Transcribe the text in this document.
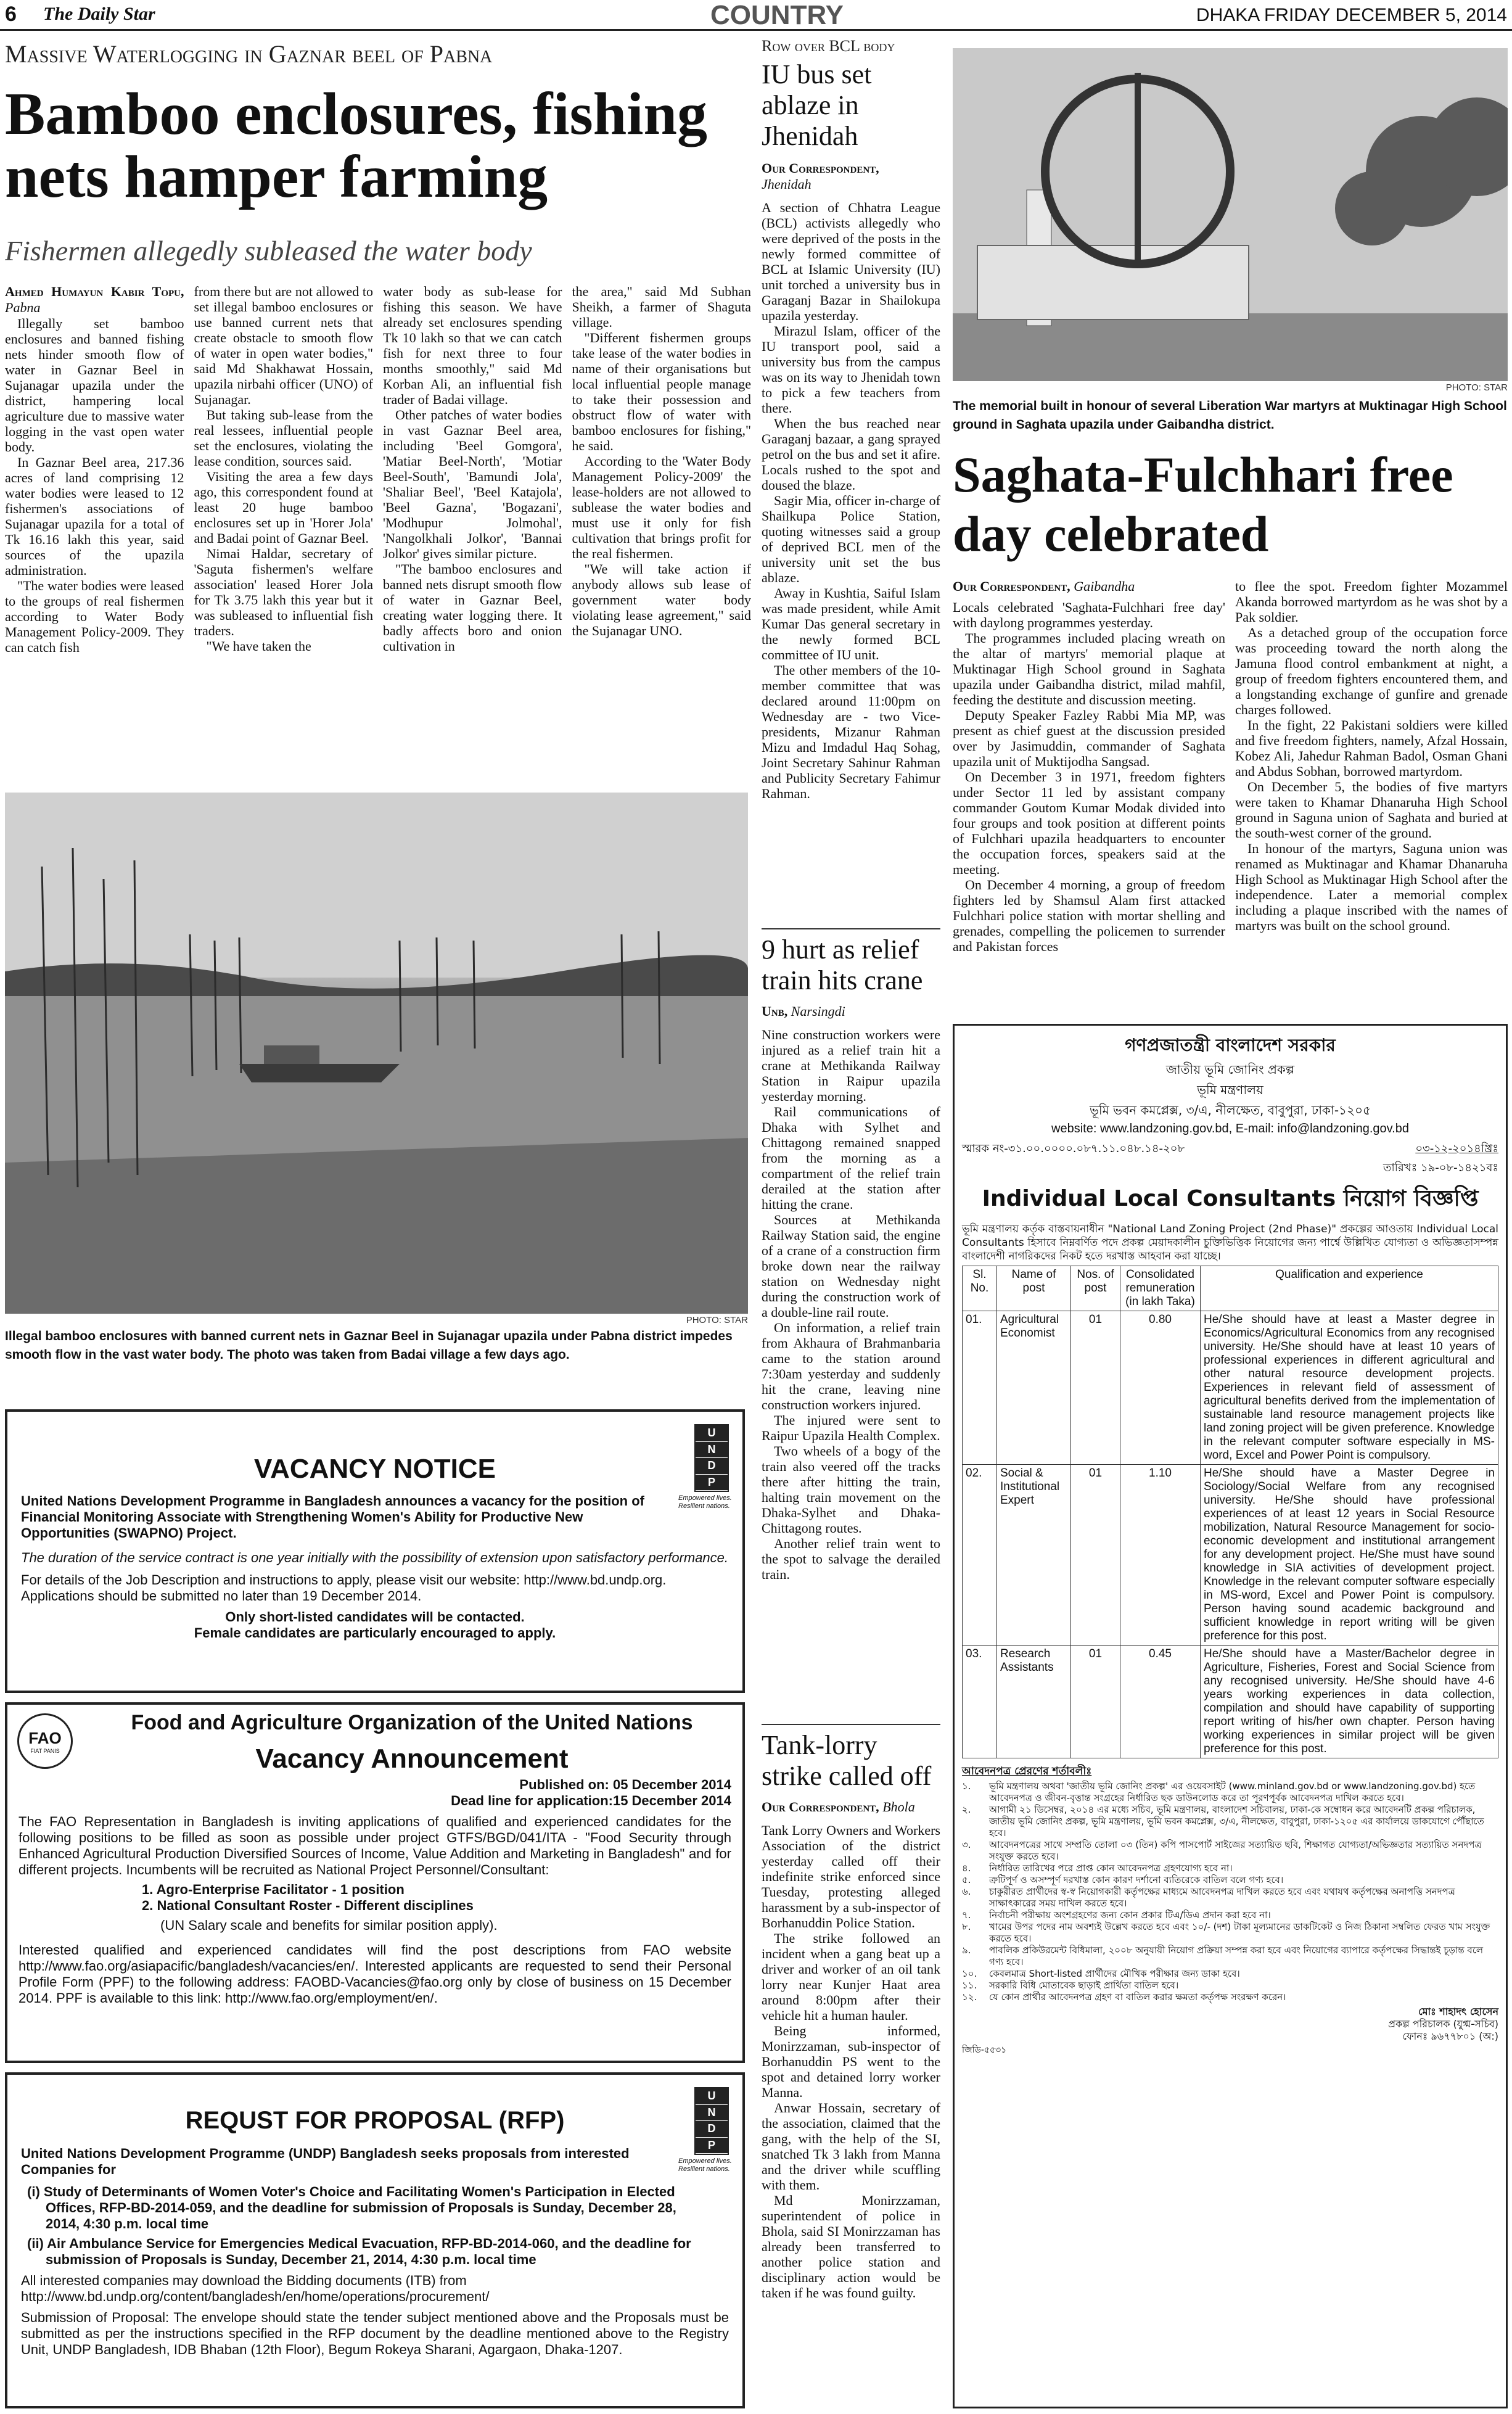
6 The Daily Star	COUNTRY	DHAKA FRIDAY DECEMBER 5, 2014
Massive Waterlogging in Gaznar beel of Pabna
Bamboo enclosures, fishing nets hamper farming
Fishermen allegedly subleased the water body
Ahmed Humayun Kabir Topu, Pabna

Illegally set bamboo enclosures and banned fishing nets hinder smooth flow of water in Gaznar Beel in Sujanagar upazila under the district, hampering local agriculture due to massive water logging in the vast open water body.

In Gaznar Beel area, 217.36 acres of land comprising 12 water bodies were leased to 12 fishermen's associations of Sujanagar upazila for a total of Tk 16.16 lakh this year, said sources of the upazila administration.

"The water bodies were leased to the groups of real fishermen according to Water Body Management Policy-2009. They can catch fish

from there but are not allowed to set illegal bamboo enclosures or use banned current nets that create obstacle to smooth flow of water in open water bodies," said Md Shakhawat Hossain, upazila nirbahi officer (UNO) of Sujanagar.

But taking sub-lease from the real lessees, influential people set the enclosures, violating the lease condition, sources said.

Visiting the area a few days ago, this correspondent found at least 20 huge bamboo enclosures set up in 'Horer Jola' and Badai point of Gaznar Beel.

Nimai Haldar, secretary of 'Saguta fishermen's welfare association' leased Horer Jola for Tk 3.75 lakh this year but it was subleased to influential fish traders.

"We have taken the

water body as sub-lease for fishing this season. We have already set enclosures spending Tk 10 lakh so that we can catch fish for next three to four months smoothly," said Md Korban Ali, an influential fish trader of Badai village.

Other patches of water bodies in vast Gaznar Beel area, including 'Beel Gomgora', 'Matiar Beel-North', 'Motiar Beel-South', 'Bamundi Jola', 'Shaliar Beel', 'Beel Katajola', 'Beel Gazna', 'Bogazani', 'Modhupur Jolmohal', 'Nangolkhali Jolkor', 'Bannai Jolkor' gives similar picture.

"The bamboo enclosures and banned nets disrupt smooth flow of water in Gaznar Beel, creating water logging there. It badly affects boro and onion cultivation in

the area," said Md Subhan Sheikh, a farmer of Shaguta village.

"Different fishermen groups take lease of the water bodies in name of their organisations but local influential people manage to take their possession and obstruct flow of water with bamboo enclosures for fishing," he said.

According to the 'Water Body Management Policy-2009' the lease-holders are not allowed to sublease the water bodies and must use it only for fish cultivation that brings profit for the real fishermen.

"We will take action if anybody allows sub lease of government water body violating lease agreement," said the Sujanagar UNO.

PHOTO: STAR
Illegal bamboo enclosures with banned current nets in Gaznar Beel in Sujanagar upazila under Pabna district impedes smooth flow in the vast water body. The photo was taken from Badai village a few days ago.
Row over BCL body
IU bus set ablaze in Jhenidah
Our Correspondent,
Jhenidah

A section of Chhatra League (BCL) activists allegedly who were deprived of the posts in the newly formed committee of BCL at Islamic University (IU) unit torched a university bus in Garaganj Bazar in Shailokupa upazila yesterday.

Mirazul Islam, officer of the IU transport pool, said a university bus from the campus was on its way to Jhenidah town to pick a few teachers from there.

When the bus reached near Garaganj bazaar, a gang sprayed petrol on the bus and set it afire. Locals rushed to the spot and doused the blaze.

Sagir Mia, officer in-charge of Shailkupa Police Station, quoting witnesses said a group of deprived BCL men of the university unit set the bus ablaze.

Away in Kushtia, Saiful Islam was made president, while Amit Kumar Das general secretary in the newly formed BCL committee of IU unit.

The other members of the 10-member committee that was declared around 11:00pm on Wednesday are - two Vice-presidents, Mizanur Rahman Mizu and Imdadul Haq Sohag, Joint Secretary Sahinur Rahman and Publicity Secretary Fahimur Rahman.

9 hurt as relief train hits crane
Unb, Narsingdi

Nine construction workers were injured as a relief train hit a crane at Methikanda Railway Station in Raipur upazila yesterday morning.

Rail communications of Dhaka with Sylhet and Chittagong remained snapped from the morning as a compartment of the relief train derailed at the station after hitting the crane.

Sources at Methikanda Railway Station said, the engine of a crane of a construction firm broke down near the railway station on Wednesday night during the construction work of a double-line rail route.

On information, a relief train from Akhaura of Brahmanbaria came to the station around 7:30am yesterday and suddenly hit the crane, leaving nine construction workers injured.

The injured were sent to Raipur Upazila Health Complex.

Two wheels of a bogy of the train also veered off the tracks there after hitting the train, halting train movement on the Dhaka-Sylhet and Dhaka-Chittagong routes.

Another relief train went to the spot to salvage the derailed train.

Tank-lorry strike called off
Our Correspondent, Bhola

Tank Lorry Owners and Workers Association of the district yesterday called off their indefinite strike enforced since Tuesday, protesting alleged harassment by a sub-inspector of Borhanuddin Police Station.

The strike followed an incident when a gang beat up a driver and worker of an oil tank lorry near Kunjer Haat area around 8:00pm after their vehicle hit a human hauler.

Being informed, Monirzzaman, sub-inspector of Borhanuddin PS went to the spot and detained lorry worker Manna.

Anwar Hossain, secretary of the association, claimed that the gang, with the help of the SI, snatched Tk 3 lakh from Manna and the driver while scuffling with them.

Md Monirzzaman, superintendent of police in Bhola, said SI Monirzzaman has already been transferred to another police station and disciplinary action would be taken if he was found guilty.

PHOTO: STAR
The memorial built in honour of several Liberation War martyrs at Muktinagar High School ground in Saghata upazila under Gaibandha district.
Saghata-Fulchhari free day celebrated
Our Correspondent, Gaibandha

Locals celebrated 'Saghata-Fulchhari free day' with daylong programmes yesterday.

The programmes included placing wreath on the altar of martyrs' memorial plaque at Muktinagar High School ground in Saghata upazila under Gaibandha district, milad mahfil, feeding the destitute and discussion meeting.

Deputy Speaker Fazley Rabbi Mia MP, was present as chief guest at the discussion presided over by Jasimuddin, commander of Saghata upazila unit of Muktijodha Sangsad.

On December 3 in 1971, freedom fighters under Sector 11 led by assistant company commander Goutom Kumar Modak divided into four groups and took position at different points of Fulchhari upazila headquarters to encounter the occupation forces, speakers said at the meeting.

On December 4 morning, a group of freedom fighters led by Shamsul Alam first attacked Fulchhari police station with mortar shelling and grenades, compelling the policemen to surrender and Pakistan forces

to flee the spot. Freedom fighter Mozammel Akanda borrowed martyrdom as he was shot by a Pak soldier.

As a detached group of the occupation force was proceeding toward the north along the Jamuna flood control embankment at night, a group of freedom fighters encountered them, and a longstanding exchange of gunfire and grenade charges followed.

In the fight, 22 Pakistani soldiers were killed and five freedom fighters, namely, Afzal Hossain, Kobez Ali, Jahedur Rahman Badol, Osman Ghani and Abdus Sobhan, borrowed martyrdom.

On December 5, the bodies of five martyrs were taken to Khamar Dhanaruha High School ground in Saguna union of Saghata and buried at the south-west corner of the ground.

In honour of the martyrs, Saguna union was renamed as Muktinagar and Khamar Dhanaruha High School as Muktinagar High School after the independence. Later a memorial complex including a plaque inscribed with the names of martyrs was built on the school ground.

U
N
D
P
Empowered lives. Resilient nations.
VACANCY NOTICE

United Nations Development Programme in Bangladesh announces a vacancy for the position of Financial Monitoring Associate with Strengthening Women's Ability for Productive New Opportunities (SWAPNO) Project.

The duration of the service contract is one year initially with the possibility of extension upon satisfactory performance.

For details of the Job Description and instructions to apply, please visit our website: http://www.bd.undp.org. Applications should be submitted no later than 19 December 2014.

Only short-listed candidates will be contacted.

Female candidates are particularly encouraged to apply.

FAO
FIAT PANIS
Food and Agriculture Organization of the United Nations
Vacancy Announcement

Published on: 05 December 2014

Dead line for application:15 December 2014

The FAO Representation in Bangladesh is inviting applications of qualified and experienced candidates for the following positions to be filled as soon as possible under project GTFS/BGD/041/ITA - "Food Security through Enhanced Agricultural Production Diversified Sources of Income, Value Addition and Marketing in Bangladesh" and for different projects. Incumbents will be recruited as National Project Personnel/Consultant:

1. Agro-Enterprise Facilitator - 1 position

2. National Consultant Roster - Different disciplines

(UN Salary scale and benefits for similar position apply).

Interested qualified and experienced candidates will find the post descriptions from FAO website http://www.fao.org/asiapacific/bangladesh/vacancies/en/. Interested applicants are requested to send their Personal Profile Form (PPF) to the following address: FAOBD-Vacancies@fao.org only by close of business on 15 December 2014. PPF is available to this link: http://www.fao.org/employment/en/.

U
N
D
P
Empowered lives. Resilient nations.
REQUST FOR PROPOSAL (RFP)

United Nations Development Programme (UNDP) Bangladesh seeks proposals from interested Companies for

(i) Study of Determinants of Women Voter's Choice and Facilitating Women's Participation in Elected Offices, RFP-BD-2014-059, and the deadline for submission of Proposals is Sunday, December 28, 2014, 4:30 p.m. local time

(ii) Air Ambulance Service for Emergencies Medical Evacuation, RFP-BD-2014-060, and the deadline for submission of Proposals is Sunday, December 21, 2014, 4:30 p.m. local time

All interested companies may download the Bidding documents (ITB) from http://www.bd.undp.org/content/bangladesh/en/home/operations/procurement/

Submission of Proposal: The envelope should state the tender subject mentioned above and the Proposals must be submitted as per the instructions specified in the RFP document by the deadline mentioned above to the Registry Unit, UNDP Bangladesh, IDB Bhaban (12th Floor), Begum Rokeya Sharani, Agargaon, Dhaka-1207.

গণপ্রজাতন্ত্রী বাংলাদেশ সরকার
জাতীয় ভূমি জোনিং প্রকল্প
ভূমি মন্ত্রণালয়
ভূমি ভবন কমপ্লেক্স, ৩/এ, নীলক্ষেত, বাবুপুরা, ঢাকা-১২০৫
website: www.landzoning.gov.bd, E-mail: info@landzoning.gov.bd
স্মারক নং-৩১.০০.০০০০.০৮৭.১১.০৪৮.১৪-২০৮	০৩-১২-২০১৪খ্রিঃ
তারিখঃ ১৯-০৮-১৪২১বঃ
Individual Local Consultants নিয়োগ বিজ্ঞপ্তি

ভূমি মন্ত্রণালয় কর্তৃক বাস্তবায়নাধীন "National Land Zoning Project (2nd Phase)" প্রকল্পের আওতায় Individual Local Consultants হিসাবে নিম্নবর্ণিত পদে প্রকল্প মেয়াদকালীন চুক্তিভিত্তিক নিয়োগের জন্য পার্শ্বে উল্লিখিত যোগ্যতা ও অভিজ্ঞতাসম্পন্ন বাংলাদেশী নাগরিকদের নিকট হতে দরখাস্ত আহবান করা যাচ্ছে।

Sl. No.	Name of post	Nos. of post	Consolidated remuneration (in lakh Taka)	Qualification and experience
01.	Agricultural Economist	01	0.80	He/She should have at least a Master degree in Economics/Agricultural Economics from any recognised university. He/She should have at least 10 years of professional experiences in different agricultural and other natural resource development projects. Experiences in relevant field of assessment of agricultural benefits derived from the implementation of sustainable land resource management projects like land zoning project will be given preference. Knowledge in the relevant computer software especially in MS-word, Excel and Power Point is compulsory.
02.	Social & Institutional Expert	01	1.10	He/She should have a Master Degree in Sociology/Social Welfare from any recognised university. He/She should have professional experiences of at least 12 years in Social Resource mobilization, Natural Resource Management for socio-economic development and institutional arrangement for any development project. He/She must have sound knowledge in SIA activities of development project. Knowledge in the relevant computer software especially in MS-word, Excel and Power Point is compulsory. Person having sound academic background and sufficient knowledge in report writing will be given preference for this post.
03.	Research Assistants	01	0.45	He/She should have a Master/Bachelor degree in Agriculture, Fisheries, Forest and Social Science from any recognised university. He/She should have 4-6 years working experiences in data collection, compilation and should have capability of supporting report writing of his/her own chapter. Person having working experiences in similar project will be given preference for this post.
আবেদনপত্র প্রেরণের শর্তাবলীঃ
১.	ভূমি মন্ত্রণালয় অথবা 'জাতীয় ভূমি জোনিং প্রকল্প' এর ওয়েবসাইট (www.minland.gov.bd or www.landzoning.gov.bd) হতে আবেদনপত্র ও জীবন-বৃত্তান্ত সংগ্রহের নির্ধারিত ছক ডাউনলোড করে তা পূরণপূর্বক আবেদনপত্র দাখিল করতে হবে।
২.	আগামী ২১ ডিসেম্বর, ২০১৪ এর মধ্যে সচিব, ভূমি মন্ত্রণালয়, বাংলাদেশ সচিবালয়, ঢাকা-কে সম্বোধন করে আবেদনটি প্রকল্প পরিচালক, জাতীয় ভূমি জোনিং প্রকল্প, ভূমি মন্ত্রণালয়, ভূমি ভবন কমপ্লেক্স, ৩/এ, নীলক্ষেত, বাবুপুরা, ঢাকা-১২০৫ এর কার্যালয়ে ডাকযোগে পৌঁছাতে হবে।
৩.	আবেদনপত্রের সাথে সম্প্রতি তোলা ০৩ (তিন) কপি পাসপোর্ট সাইজের সত্যায়িত ছবি, শিক্ষাগত যোগ্যতা/অভিজ্ঞতার সত্যায়িত সনদপত্র সংযুক্ত করতে হবে।
৪.	নির্ধারিত তারিখের পরে প্রাপ্ত কোন আবেদনপত্র গ্রহণযোগ্য হবে না।
৫.	ত্রুটিপূর্ণ ও অসম্পূর্ণ দরখাস্ত কোন কারণ দর্শানো ব্যতিরেকে বাতিল বলে গণ্য হবে।
৬.	চাকুরীরত প্রার্থীদের স্ব-স্ব নিয়োগকারী কর্তৃপক্ষের মাধ্যমে আবেদনপত্র দাখিল করতে হবে এবং যথাযথ কর্তৃপক্ষের অনাপত্তি সনদপত্র সাক্ষাৎকারের সময় দাখিল করতে হবে।
৭.	নির্বাচনী পরীক্ষায় অংশগ্রহণের জন্য কোন প্রকার টিএ/ডিএ প্রদান করা হবে না।
৮.	খামের উপর পদের নাম অবশ্যই উল্লেখ করতে হবে এবং ১০/- (দশ) টাকা মূল্যমানের ডাকটিকেট ও নিজ ঠিকানা সম্বলিত ফেরত খাম সংযুক্ত করতে হবে।
৯.	পাবলিক প্রকিউরমেন্ট বিধিমালা, ২০০৮ অনুযায়ী নিয়োগ প্রক্রিয়া সম্পন্ন করা হবে এবং নিয়োগের ব্যাপারে কর্তৃপক্ষের সিদ্ধান্তই চূড়ান্ত বলে গণ্য হবে।
১০.	কেবলমাত্র Short-listed প্রার্থীদের মৌখিক পরীক্ষার জন্য ডাকা হবে।
১১.	সরকারি বিধি মোতাবেক ছাড়াই প্রার্থিতা বাতিল হবে।
১২.	যে কোন প্রার্থীর আবেদনপত্র গ্রহণ বা বাতিল করার ক্ষমতা কর্তৃপক্ষ সংরক্ষণ করেন।
মোঃ শাহাদৎ হোসেন
প্রকল্প পরিচালক (যুগ্ম-সচিব)
ফোনঃ ৯৬৭৭৮০১ (অ:)
জিডি-৫৫৩১
